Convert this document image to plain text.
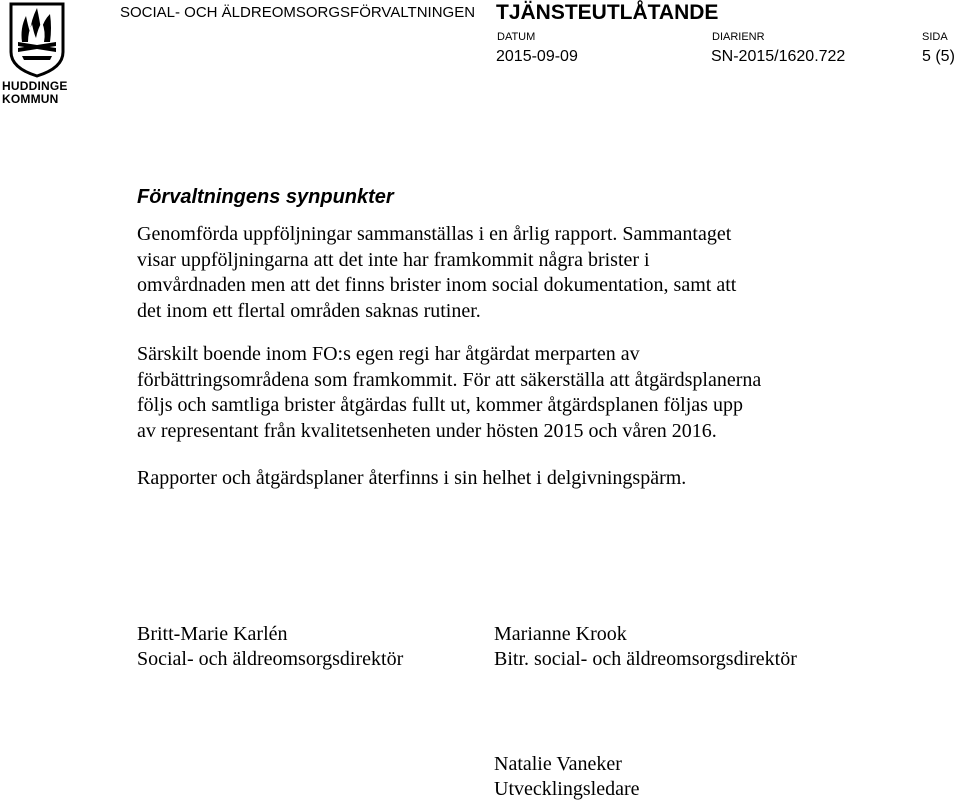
HUDDINGE
KOMMUN
SOCIAL- OCH ÄLDREOMSORGSFÖRVALTNINGEN TJÄNSTEUTLÅTANDE
DATUM
2015-09-09
DIARIENR
SN-2015/1620.722
SIDA
5 (5)
Förvaltningens synpunkter
Genomförda uppföljningar sammanställas i en årlig rapport. Sammantaget
visar uppföljningarna att det inte har framkommit några brister i
omvårdnaden men att det finns brister inom social dokumentation, samt att
det inom ett flertal områden saknas rutiner.
Särskilt boende inom FO:s egen regi har åtgärdat merparten av
förbättringsområdena som framkommit. För att säkerställa att åtgärdsplanerna
följs och samtliga brister åtgärdas fullt ut, kommer åtgärdsplanen följas upp
av representant från kvalitetsenheten under hösten 2015 och våren 2016.
Rapporter och åtgärdsplaner återfinns i sin helhet i delgivningspärm.
Britt-Marie Karlén
Social- och äldreomsorgsdirektör
Marianne Krook
Bitr. social- och äldreomsorgsdirektör
Natalie Vaneker
Utvecklingsledare
